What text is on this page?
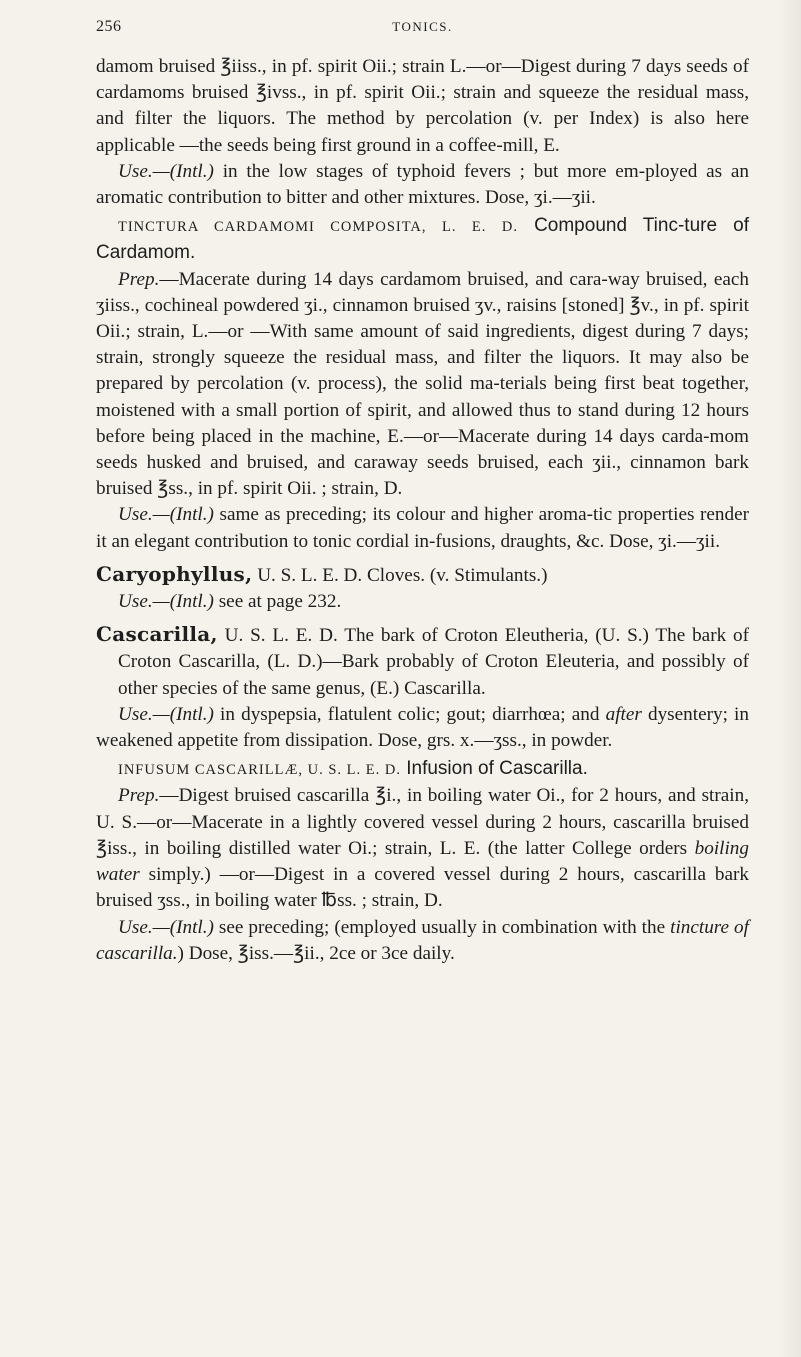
256	TONICS.

damom bruised ℥iiss., in pf. spirit Oii.; strain L.—or—Digest during 7 days seeds of cardamoms bruised ℥ivss., in pf. spirit Oii.; strain and squeeze the residual mass, and filter the liquors. The method by percolation (v. per Index) is also here applicable —the seeds being first ground in a coffee-mill, E.

Use.—(Intl.) in the low stages of typhoid fevers ; but more em-ployed as an aromatic contribution to bitter and other mixtures. Dose, ʒi.—ʒii.

TINCTURA CARDAMOMI COMPOSITA, L. E. D. Compound Tinc-ture of Cardamom.

Prep.—Macerate during 14 days cardamom bruised, and cara-way bruised, each ʒiiss., cochineal powdered ʒi., cinnamon bruised ʒv., raisins [stoned] ℥v., in pf. spirit Oii.; strain, L.—or —With same amount of said ingredients, digest during 7 days; strain, strongly squeeze the residual mass, and filter the liquors. It may also be prepared by percolation (v. process), the solid ma-terials being first beat together, moistened with a small portion of spirit, and allowed thus to stand during 12 hours before being placed in the machine, E.—or—Macerate during 14 days carda-mom seeds husked and bruised, and caraway seeds bruised, each ʒii., cinnamon bark bruised ℥ss., in pf. spirit Oii. ; strain, D.

Use.—(Intl.) same as preceding; its colour and higher aroma-tic properties render it an elegant contribution to tonic cordial in-fusions, draughts, &c. Dose, ʒi.—ʒii.

Caryophyllus, U. S. L. E. D. Cloves. (v. Stimulants.)

Use.—(Intl.) see at page 232.

Cascarilla, U. S. L. E. D. The bark of Croton Eleutheria, (U. S.) The bark of Croton Cascarilla, (L. D.)—Bark probably of Croton Eleuteria, and possibly of other species of the same genus, (E.) Cascarilla.

Use.—(Intl.) in dyspepsia, flatulent colic; gout; diarrhœa; and after dysentery; in weakened appetite from dissipation. Dose, grs. x.—ʒss., in powder.

INFUSUM CASCARILLÆ, U. S. L. E. D. Infusion of Cascarilla.

Prep.—Digest bruised cascarilla ℥i., in boiling water Oi., for 2 hours, and strain, U. S.—or—Macerate in a lightly covered vessel during 2 hours, cascarilla bruised ℥iss., in boiling distilled water Oi.; strain, L. E. (the latter College orders boiling water simply.) —or—Digest in a covered vessel during 2 hours, cascarilla bark bruised ʒss., in boiling water ℔ss. ; strain, D.

Use.—(Intl.) see preceding; (employed usually in combination with the tincture of cascarilla.) Dose, ℥iss.—℥ii., 2ce or 3ce daily.
